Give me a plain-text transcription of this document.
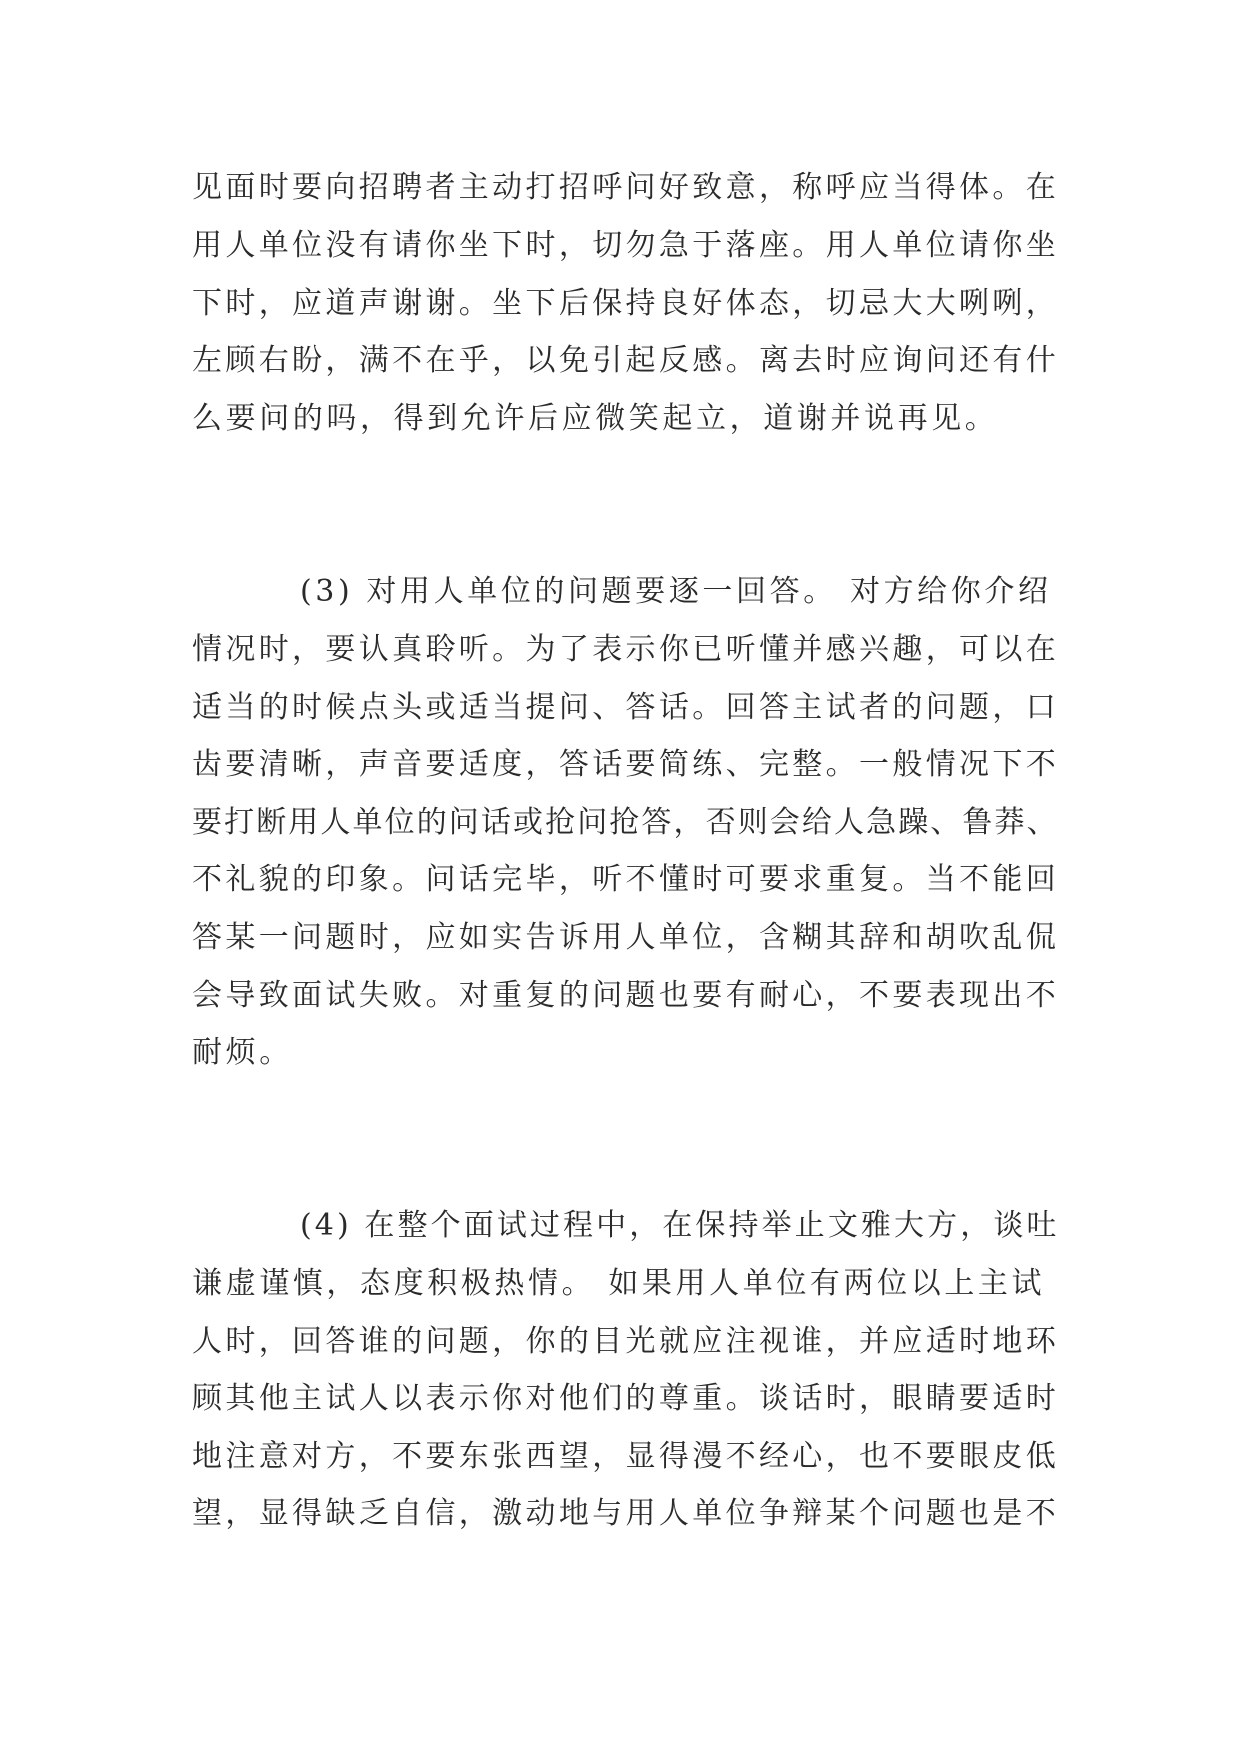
见面时要向招聘者主动打招呼问好致意，称呼应当得体。在

用人单位没有请你坐下时，切勿急于落座。用人单位请你坐

下时，应道声谢谢。坐下后保持良好体态，切忌大大咧咧，

左顾右盼，满不在乎，以免引起反感。离去时应询问还有什

么要问的吗，得到允许后应微笑起立，道谢并说再见。

(3) 对用人单位的问题要逐一回答。 对方给你介绍

情况时，要认真聆听。为了表示你已听懂并感兴趣，可以在

适当的时候点头或适当提问、答话。回答主试者的问题，口

齿要清晰，声音要适度，答话要简练、完整。一般情况下不

要打断用人单位的问话或抢问抢答，否则会给人急躁、鲁莽、

不礼貌的印象。问话完毕，听不懂时可要求重复。当不能回

答某一问题时，应如实告诉用人单位，含糊其辞和胡吹乱侃

会导致面试失败。对重复的问题也要有耐心，不要表现出不

耐烦。

(4) 在整个面试过程中，在保持举止文雅大方，谈吐

谦虚谨慎，态度积极热情。 如果用人单位有两位以上主试

人时，回答谁的问题，你的目光就应注视谁，并应适时地环

顾其他主试人以表示你对他们的尊重。谈话时，眼睛要适时

地注意对方，不要东张西望，显得漫不经心，也不要眼皮低

望，显得缺乏自信，激动地与用人单位争辩某个问题也是不
